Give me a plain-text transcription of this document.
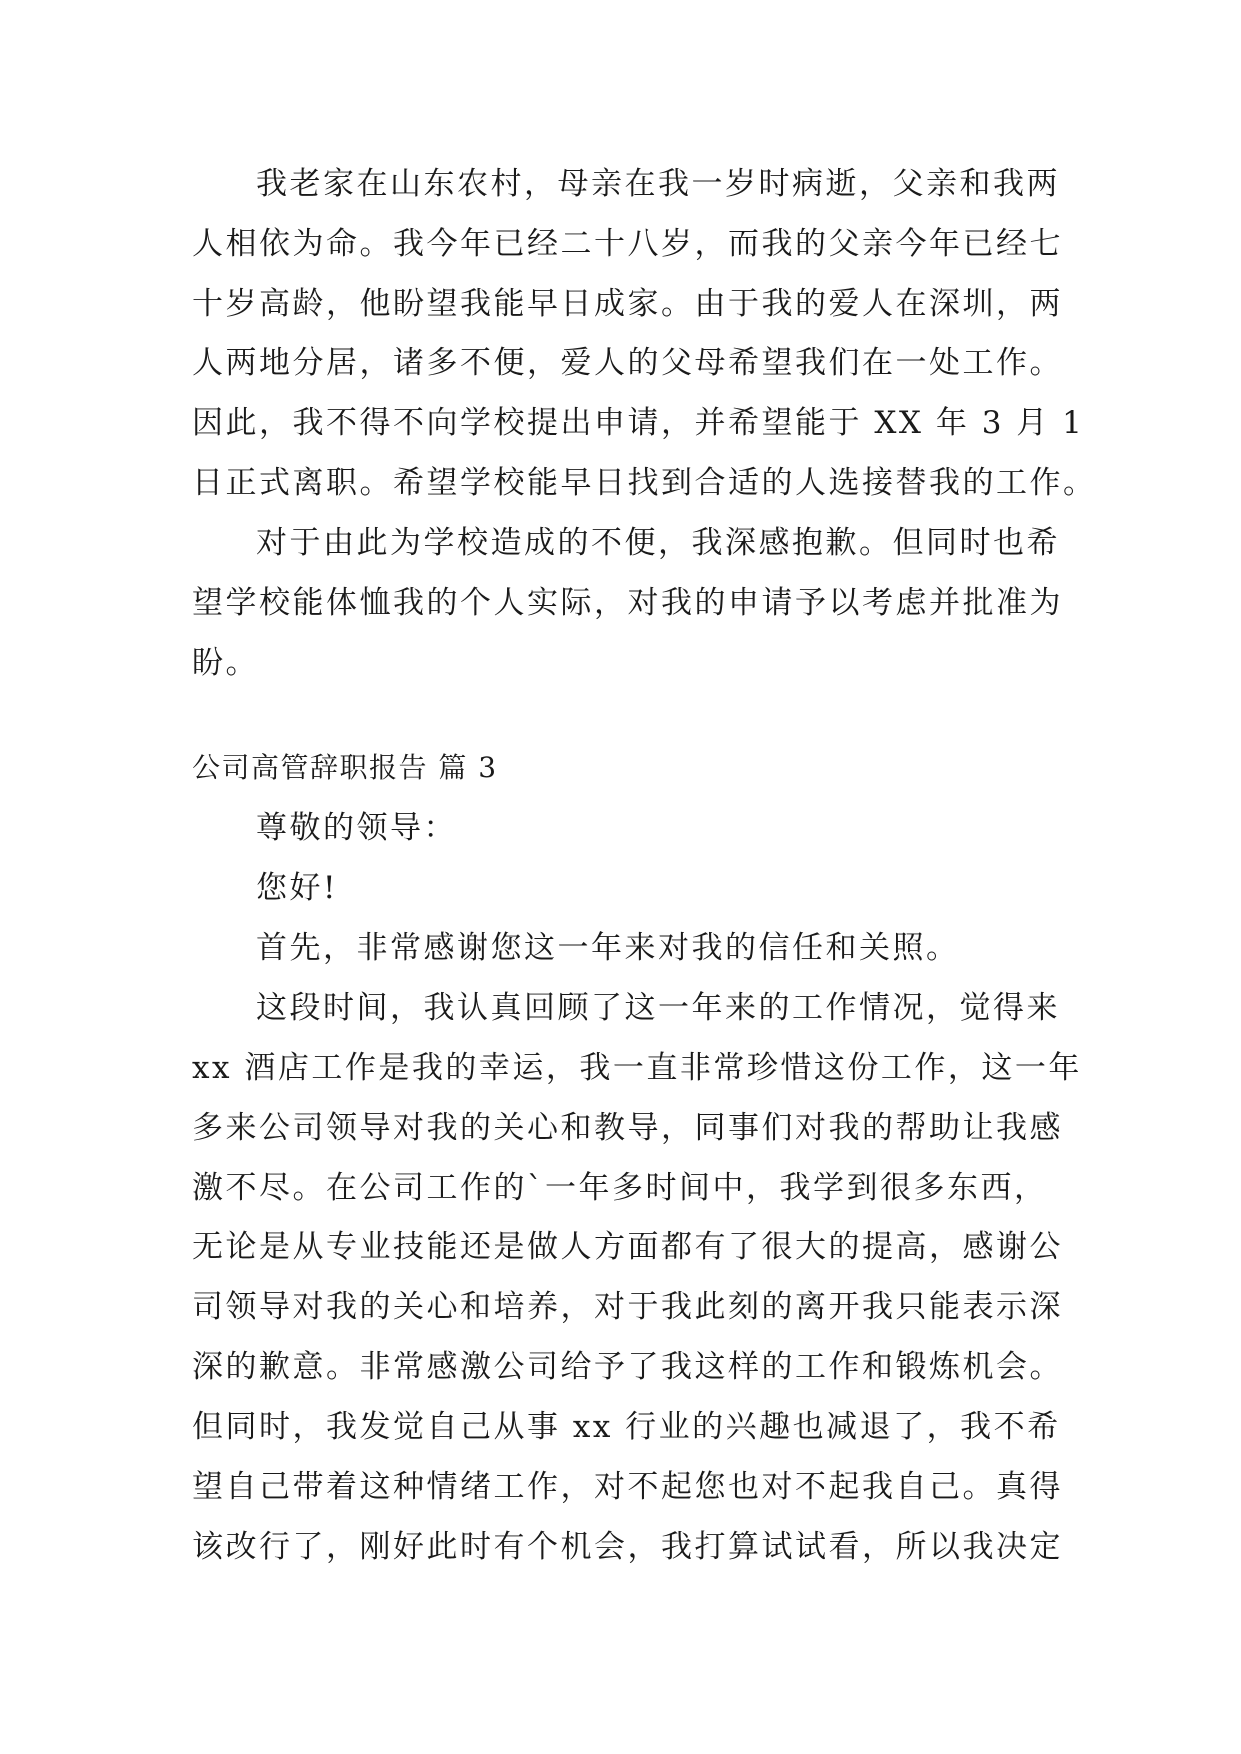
我老家在山东农村，母亲在我一岁时病逝，父亲和我两
人相依为命。我今年已经二十八岁，而我的父亲今年已经七
十岁高龄，他盼望我能早日成家。由于我的爱人在深圳，两
人两地分居，诸多不便，爱人的父母希望我们在一处工作。
因此，我不得不向学校提出申请，并希望能于 XX 年 3 月 1
日正式离职。希望学校能早日找到合适的人选接替我的工作。
对于由此为学校造成的不便，我深感抱歉。但同时也希
望学校能体恤我的个人实际，对我的申请予以考虑并批准为
盼。
公司高管辞职报告 篇 3
尊敬的领导：
您好!
首先，非常感谢您这一年来对我的信任和关照。
这段时间，我认真回顾了这一年来的工作情况，觉得来
xx 酒店工作是我的幸运，我一直非常珍惜这份工作，这一年
多来公司领导对我的关心和教导，同事们对我的帮助让我感
激不尽。在公司工作的`一年多时间中，我学到很多东西，
无论是从专业技能还是做人方面都有了很大的提高，感谢公
司领导对我的关心和培养，对于我此刻的离开我只能表示深
深的歉意。非常感激公司给予了我这样的工作和锻炼机会。
但同时，我发觉自己从事 xx 行业的兴趣也减退了，我不希
望自己带着这种情绪工作，对不起您也对不起我自己。真得
该改行了，刚好此时有个机会，我打算试试看，所以我决定
